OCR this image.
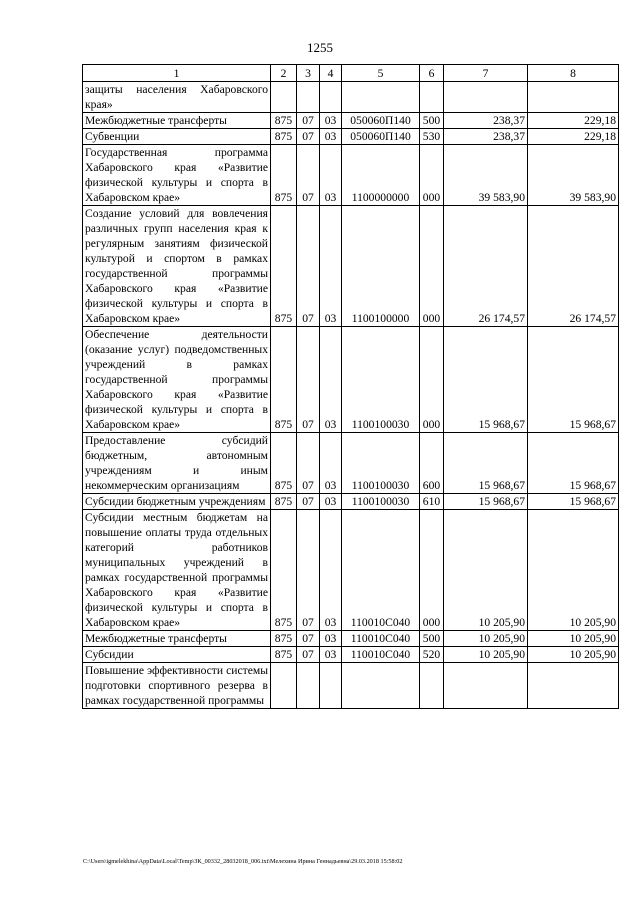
1255
1	2	3	4	5	6	7	8
защиты населения Хабаровского края»							
Межбюджетные трансферты	875	07	03	050060П140	500	238,37	229,18
Субвенции	875	07	03	050060П140	530	238,37	229,18
Государственная программа Хабаровского края «Развитие физической культуры и спорта в Хабаровском крае»	875	07	03	1100000000	000	39 583,90	39 583,90
Создание условий для вовлечения различных групп населения края к регулярным занятиям физической культурой и спортом в рамках государственной программы Хабаровского края «Развитие физической культуры и спорта в Хабаровском крае»	875	07	03	1100100000	000	26 174,57	26 174,57
Обеспечение деятельности (оказание услуг) подведомственных учреждений в рамках государственной программы Хабаровского края «Развитие физической культуры и спорта в Хабаровском крае»	875	07	03	1100100030	000	15 968,67	15 968,67
Предоставление субсидий бюджетным, автономным учреждениям и иным некоммерческим организациям	875	07	03	1100100030	600	15 968,67	15 968,67
Субсидии бюджетным учреждениям	875	07	03	1100100030	610	15 968,67	15 968,67
Субсидии местным бюджетам на повышение оплаты труда отдельных категорий работников муниципальных учреждений в рамках государственной программы Хабаровского края «Развитие физической культуры и спорта в Хабаровском крае»	875	07	03	110010С040	000	10 205,90	10 205,90
Межбюджетные трансферты	875	07	03	110010С040	500	10 205,90	10 205,90
Субсидии	875	07	03	110010С040	520	10 205,90	10 205,90
Повышение эффективности системы подготовки спортивного резерва в рамках государственной программы							
C:\Users\igmelekhina\AppData\Local\Temp\ЗК_00332_28032018_006.txt\Мелехина Ирина Геннадьевна\29.03.2018 15:58:02
